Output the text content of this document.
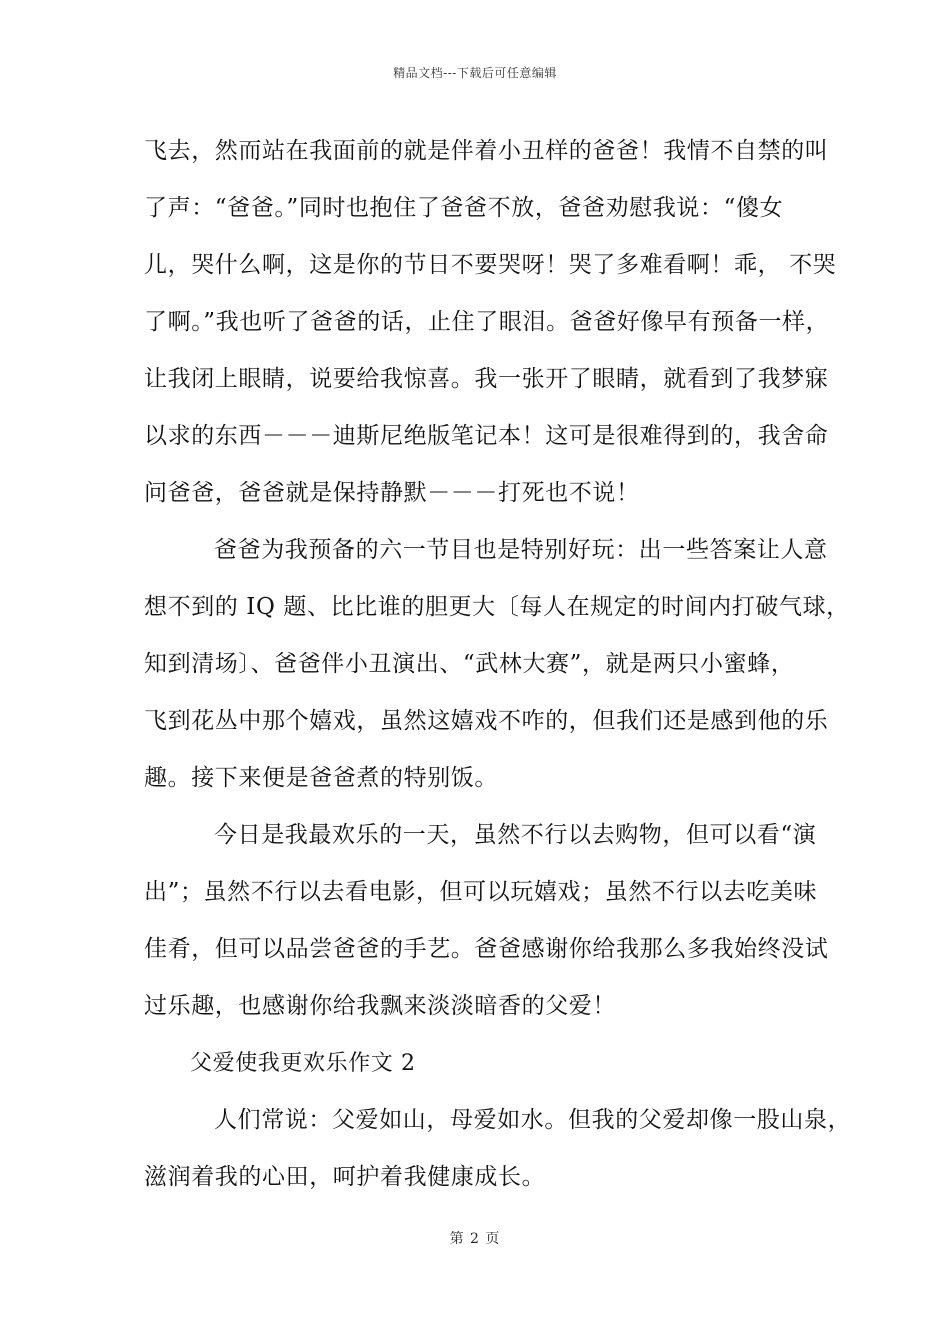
精品文档---下载后可任意编辑
飞去，然而站在我面前的就是伴着小丑样的爸爸！我情不自禁的叫
了声：“爸爸。”同时也抱住了爸爸不放，爸爸劝慰我说：“傻女
儿，哭什么啊，这是你的节日不要哭呀！哭了多难看啊！乖， 不哭
了啊。”我也听了爸爸的话，止住了眼泪。爸爸好像早有预备一样，
让我闭上眼睛，说要给我惊喜。我一张开了眼睛，就看到了我梦寐
以求的东西－－－迪斯尼绝版笔记本！这可是很难得到的，我舍命
问爸爸，爸爸就是保持静默－－－打死也不说！
爸爸为我预备的六一节目也是特别好玩：出一些答案让人意
想不到的 IQ 题、比比谁的胆更大〔每人在规定的时间内打破气球，
知到清场〕、爸爸伴小丑演出、“武林大赛”，就是两只小蜜蜂，
飞到花丛中那个嬉戏，虽然这嬉戏不咋的，但我们还是感到他的乐
趣。接下来便是爸爸煮的特别饭。
今日是我最欢乐的一天，虽然不行以去购物，但可以看“演
出”；虽然不行以去看电影，但可以玩嬉戏；虽然不行以去吃美味
佳肴，但可以品尝爸爸的手艺。爸爸感谢你给我那么多我始终没试
过乐趣，也感谢你给我飘来淡淡暗香的父爱！
父爱使我更欢乐作文 2
人们常说：父爱如山，母爱如水。但我的父爱却像一股山泉，
滋润着我的心田，呵护着我健康成长。
第 2 页
